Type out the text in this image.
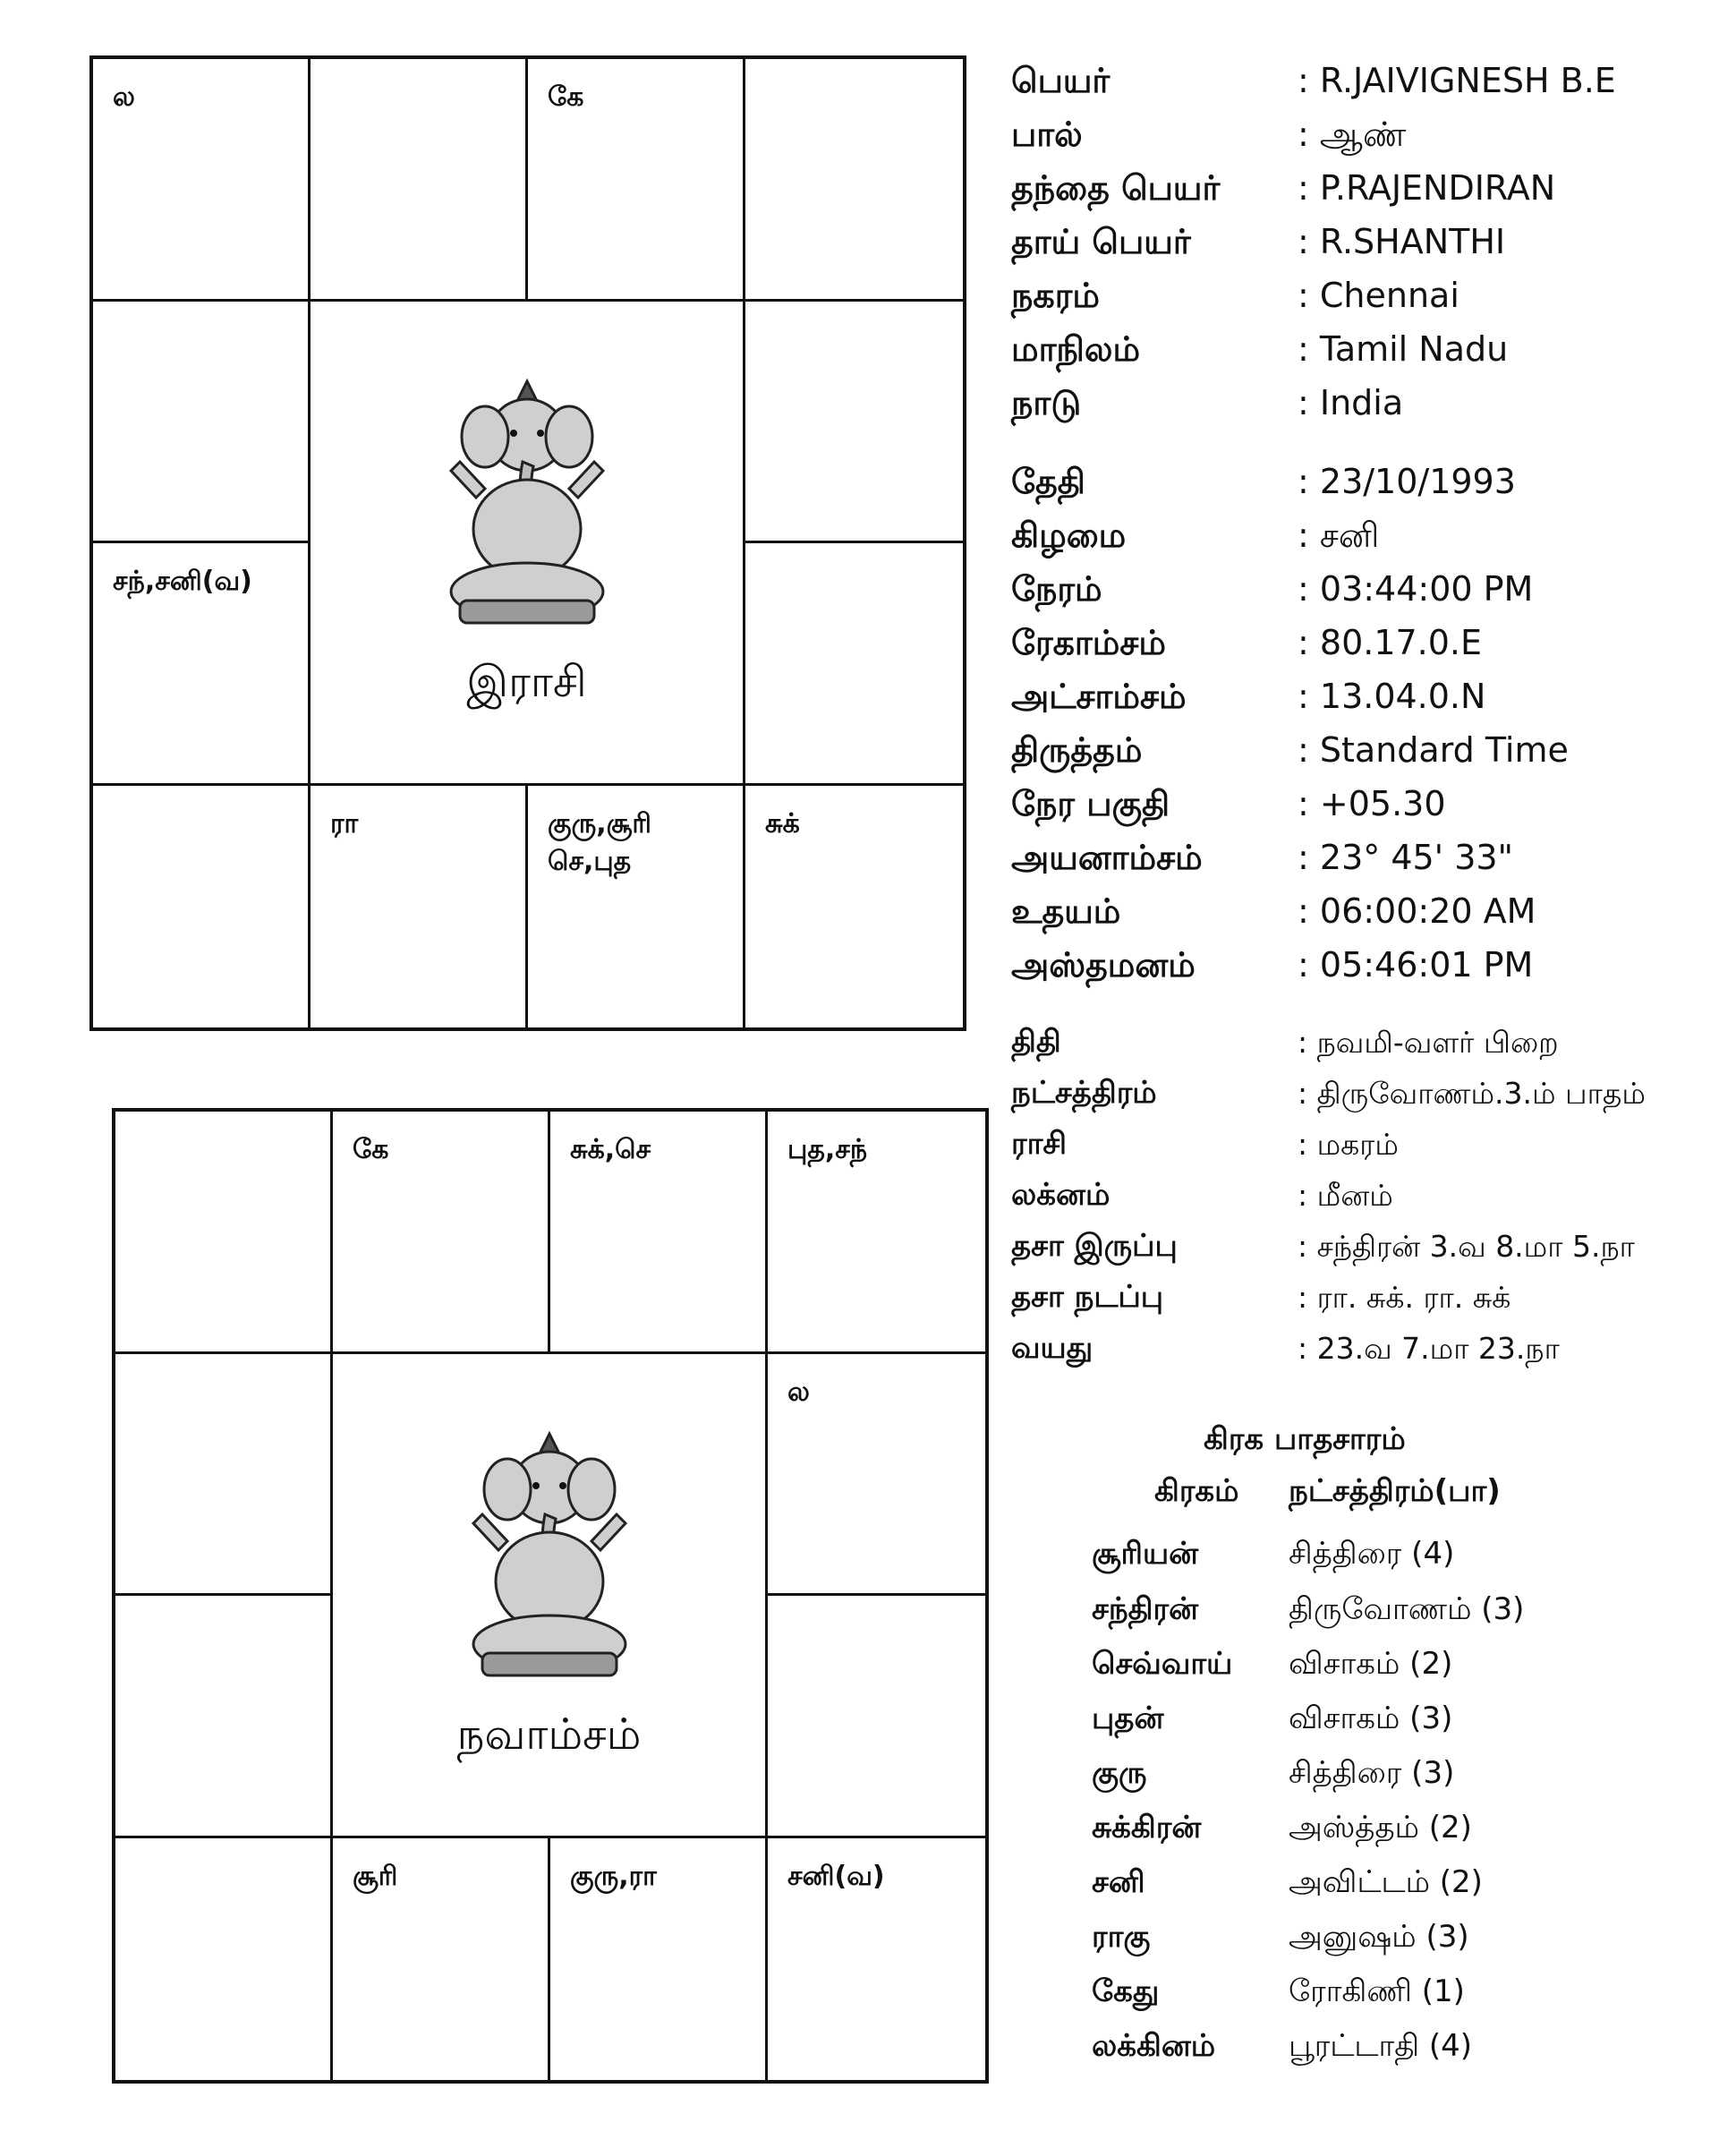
ல	கே
இராசி
சந்,சனி(வ)
ரா	குரு,சூரி
செ,புத
சுக்
கே	சுக்,செ	புத,சந்
நவாம்சம்
ல
சூரி	குரு,ரா	சனி(வ)
பெயர்	: R.JAIVIGNESH B.E
பால்	: ஆண்
தந்தை பெயர்	: P.RAJENDIRAN
தாய் பெயர்	: R.SHANTHI
நகரம்	: Chennai
மாநிலம்	: Tamil Nadu
நாடு	: India
தேதி	: 23/10/1993
கிழமை	: சனி
நேரம்	: 03:44:00 PM
ரேகாம்சம்	: 80.17.0.E
அட்சாம்சம்	: 13.04.0.N
திருத்தம்	: Standard Time
நேர பகுதி	: +05.30
அயனாம்சம்	: 23° 45' 33"
உதயம்	: 06:00:20 AM
அஸ்தமனம்	: 05:46:01 PM
திதி	: நவமி-வளர் பிறை
நட்சத்திரம்	: திருவோணம்.3.ம் பாதம்
ராசி	: மகரம்
லக்னம்	: மீனம்
தசா இருப்பு	: சந்திரன் 3.வ 8.மா 5.நா
தசா நடப்பு	: ரா. சுக். ரா. சுக்
வயது	: 23.வ 7.மா 23.நா
கிரக பாதசாரம்
கிரகம் நட்சத்திரம்(பா)
சூரியன்	சித்திரை (4)
சந்திரன்	திருவோணம் (3)
செவ்வாய் விசாகம் (2)
புதன்	விசாகம் (3)
குரு	சித்திரை (3)
சுக்கிரன்	அஸ்த்தம் (2)
சனி	அவிட்டம் (2)
ராகு	அனுஷம் (3)
கேது	ரோகிணி (1)
லக்கினம் பூரட்டாதி (4)
